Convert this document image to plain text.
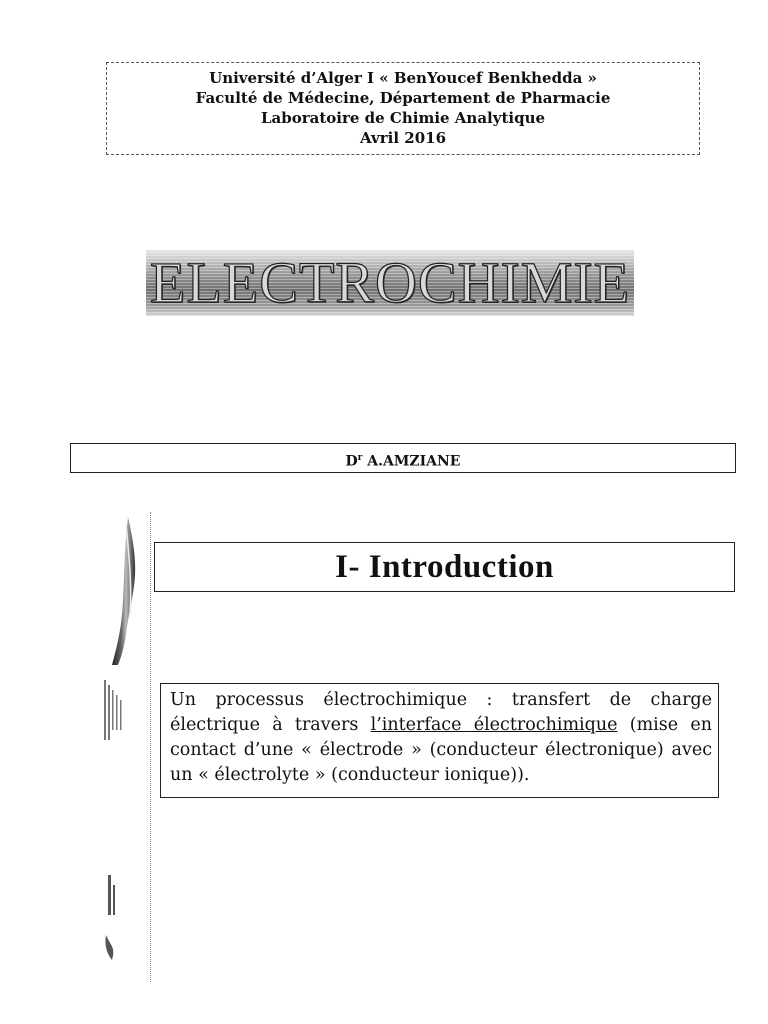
Université d’Alger I « BenYoucef Benkhedda »
Faculté de Médecine, Département de Pharmacie
Laboratoire de Chimie Analytique
Avril 2016
ELECTROCHIMIE
$D^r$ A.AMZIANE
I- Introduction
Un processus électrochimique : transfert de charge électrique à travers l’interface électrochimique (mise en contact d’une « électrode » (conducteur électronique) avec un « électrolyte » (conducteur ionique)).
